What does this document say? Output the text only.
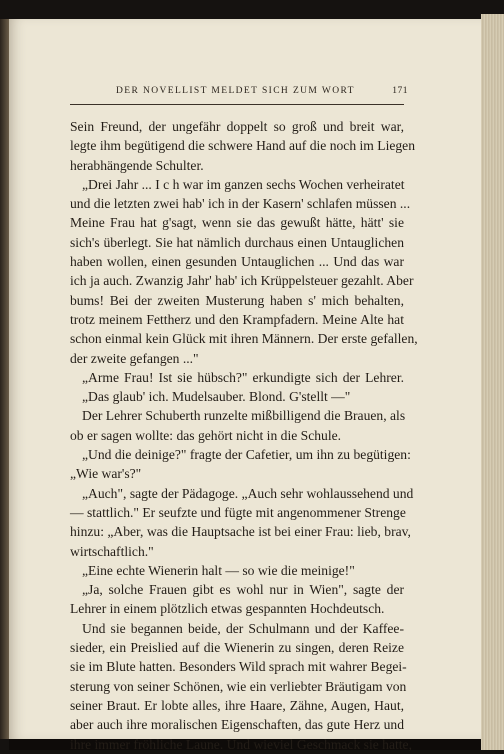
DER NOVELLIST MELDET SICH ZUM WORT	171
Sein Freund, der ungefähr doppelt so groß und breit war,
legte ihm begütigend die schwere Hand auf die noch im Liegen
herabhängende Schulter.
„Drei Jahr ... I c h war im ganzen sechs Wochen verheiratet
und die letzten zwei hab' ich in der Kasern' schlafen müssen ...
Meine Frau hat g'sagt, wenn sie das gewußt hätte, hätt' sie
sich's überlegt. Sie hat nämlich durchaus einen Untauglichen
haben wollen, einen gesunden Untauglichen ... Und das war
ich ja auch. Zwanzig Jahr' hab' ich Krüppelsteuer gezahlt. Aber
bums! Bei der zweiten Musterung haben s' mich behalten,
trotz meinem Fettherz und den Krampfadern. Meine Alte hat
schon einmal kein Glück mit ihren Männern. Der erste gefallen,
der zweite gefangen ..."
„Arme Frau! Ist sie hübsch?" erkundigte sich der Lehrer.
„Das glaub' ich. Mudelsauber. Blond. G'stellt —"
Der Lehrer Schuberth runzelte mißbilligend die Brauen, als
ob er sagen wollte: das gehört nicht in die Schule.
„Und die deinige?" fragte der Cafetier, um ihn zu begütigen:
„Wie war's?"
„Auch", sagte der Pädagoge. „Auch sehr wohlaussehend und
— stattlich." Er seufzte und fügte mit angenommener Strenge
hinzu: „Aber, was die Hauptsache ist bei einer Frau: lieb, brav,
wirtschaftlich."
„Eine echte Wienerin halt — so wie die meinige!"
„Ja, solche Frauen gibt es wohl nur in Wien", sagte der
Lehrer in einem plötzlich etwas gespannten Hochdeutsch.
Und sie begannen beide, der Schulmann und der Kaffee-
sieder, ein Preislied auf die Wienerin zu singen, deren Reize
sie im Blute hatten. Besonders Wild sprach mit wahrer Begei-
sterung von seiner Schönen, wie ein verliebter Bräutigam von
seiner Braut. Er lobte alles, ihre Haare, Zähne, Augen, Haut,
aber auch ihre moralischen Eigenschaften, das gute Herz und
ihre immer fröhliche Laune. Und wieviel Geschmack sie hatte,
